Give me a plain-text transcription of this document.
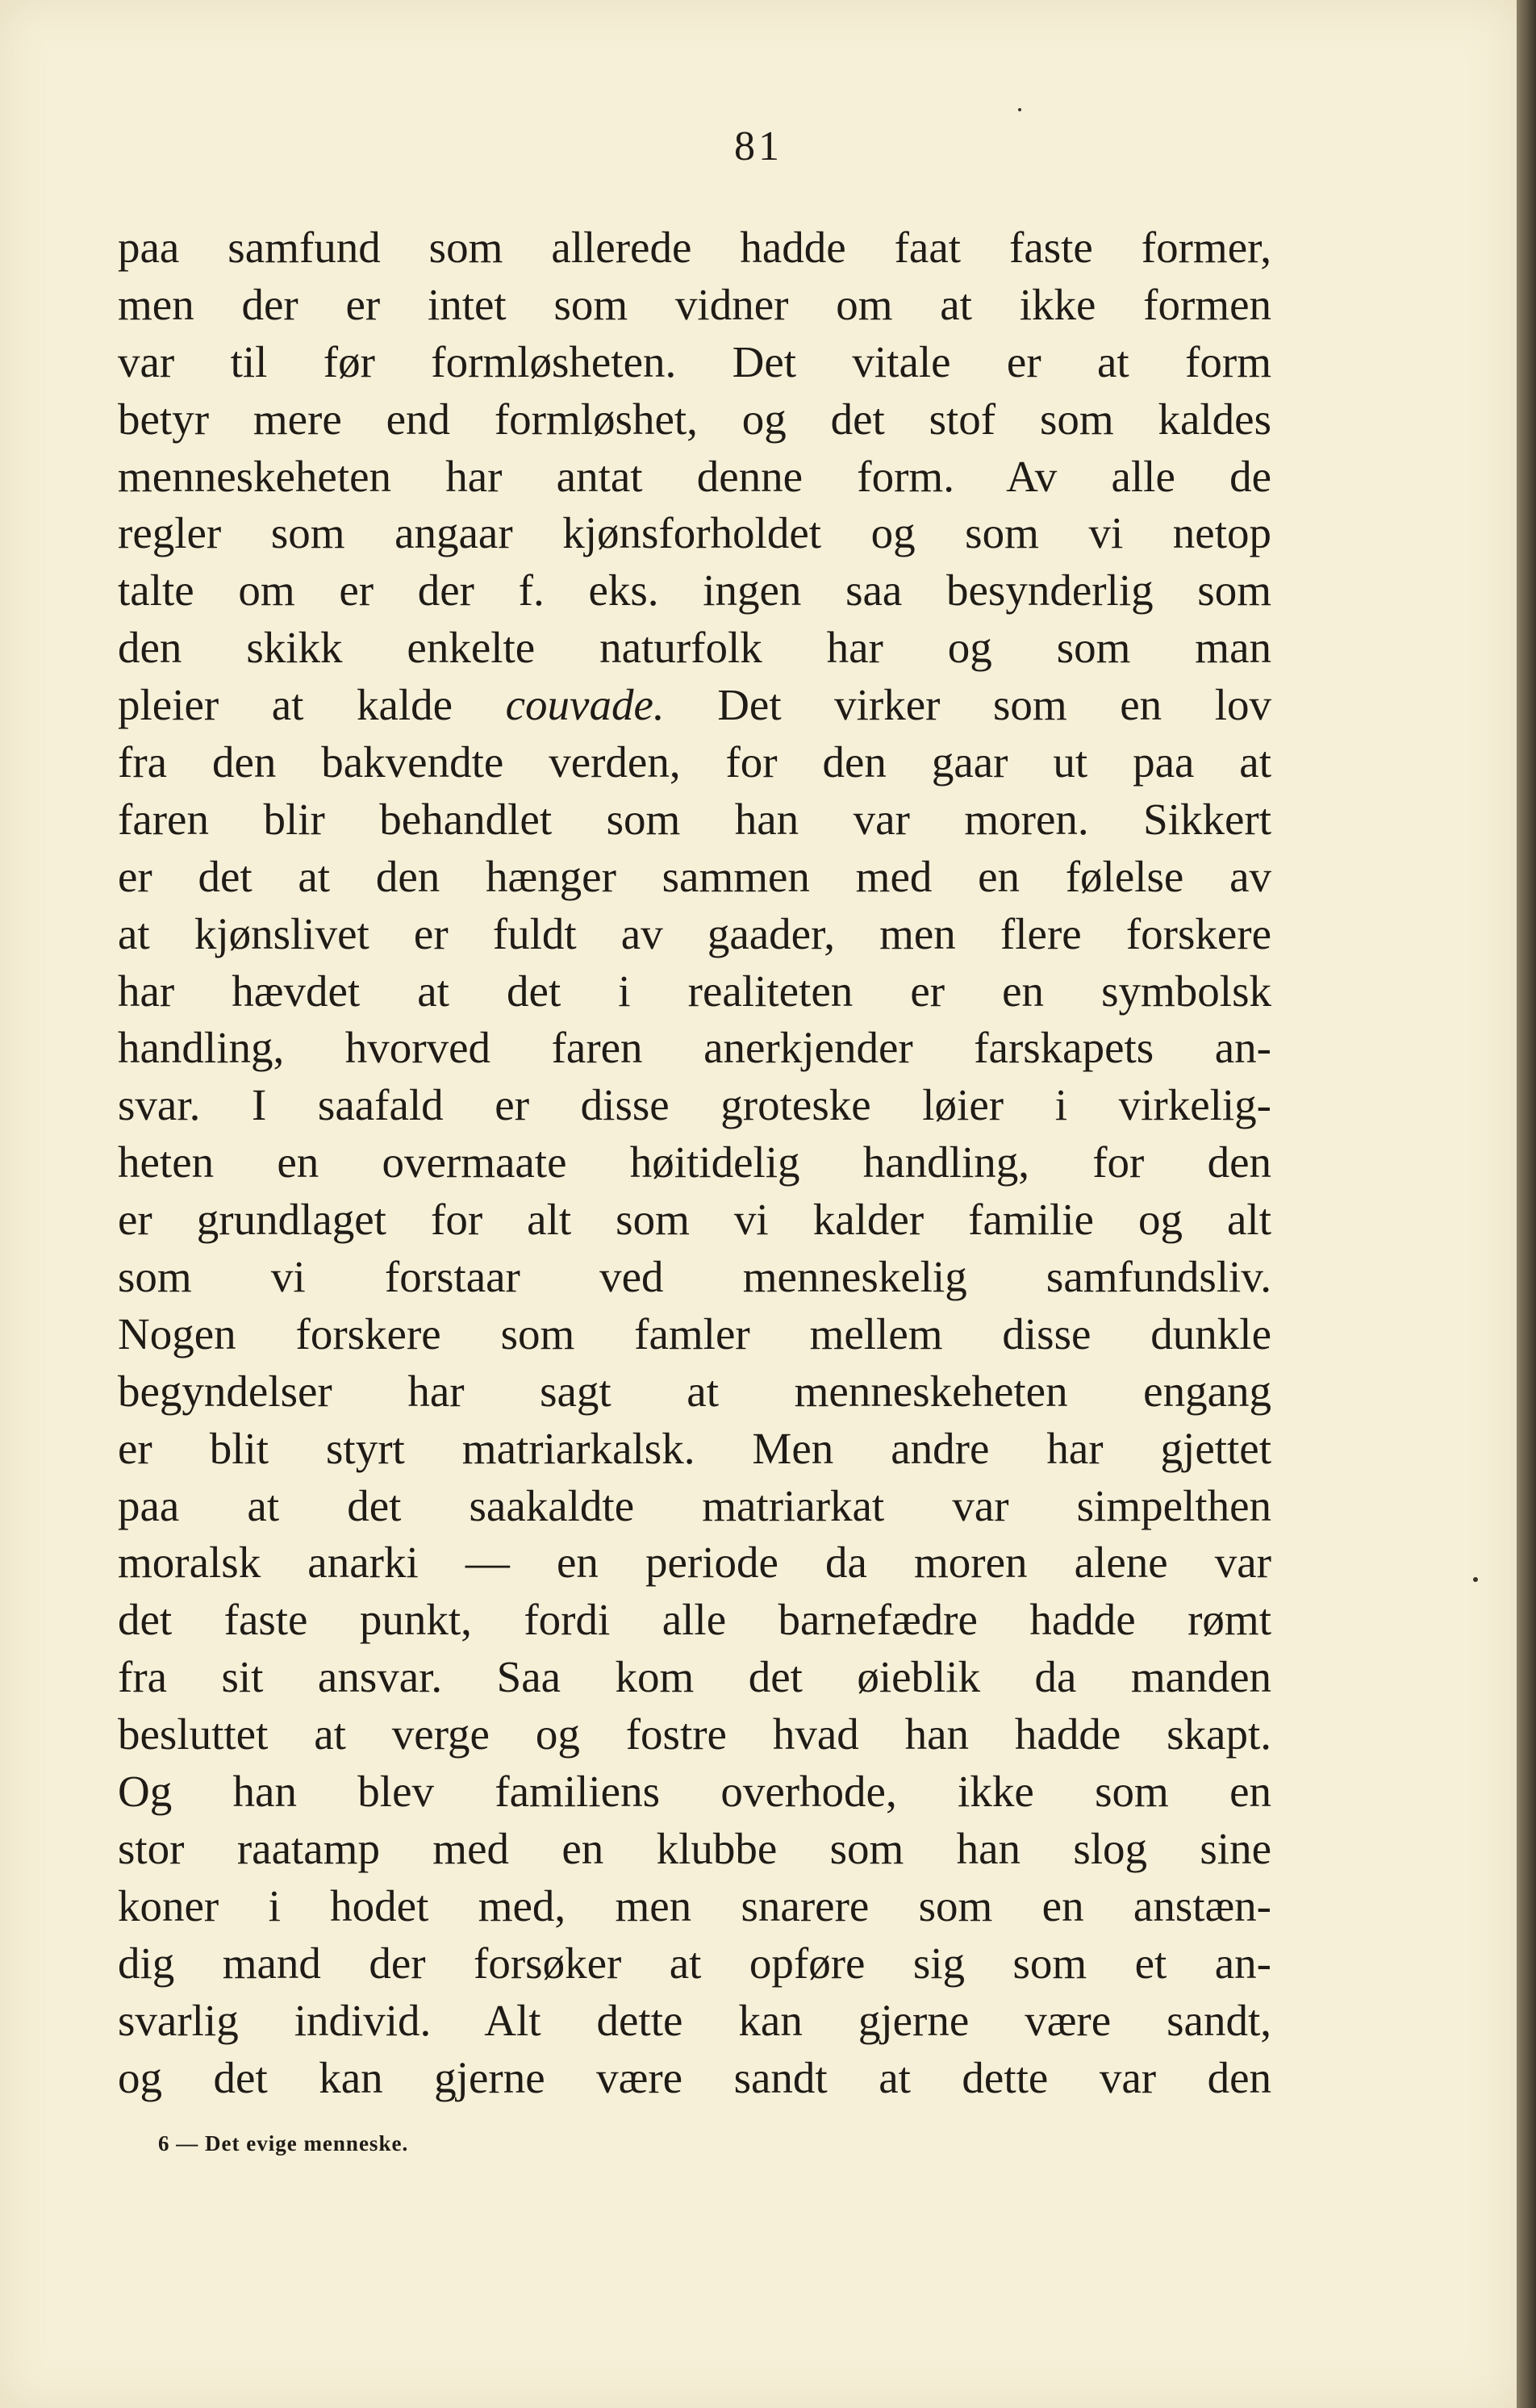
81
paa samfund som allerede hadde faat faste former,
men der er intet som vidner om at ikke formen
var til før formløsheten. Det vitale er at form
betyr mere end formløshet, og det stof som kaldes
menneskeheten har antat denne form. Av alle de
regler som angaar kjønsforholdet og som vi netop
talte om er der f. eks. ingen saa besynderlig som
den skikk enkelte naturfolk har og som man
pleier at kalde couvade. Det virker som en lov
fra den bakvendte verden, for den gaar ut paa at
faren blir behandlet som han var moren. Sikkert
er det at den hænger sammen med en følelse av
at kjønslivet er fuldt av gaader, men flere forskere
har hævdet at det i realiteten er en symbolsk
handling, hvorved faren anerkjender farskapets an-
svar. I saafald er disse groteske løier i virkelig-
heten en overmaate høitidelig handling, for den
er grundlaget for alt som vi kalder familie og alt
som vi forstaar ved menneskelig samfundsliv.
Nogen forskere som famler mellem disse dunkle
begyndelser har sagt at menneskeheten engang
er blit styrt matriarkalsk. Men andre har gjettet
paa at det saakaldte matriarkat var simpelthen
moralsk anarki — en periode da moren alene var
det faste punkt, fordi alle barnefædre hadde rømt
fra sit ansvar. Saa kom det øieblik da manden
besluttet at verge og fostre hvad han hadde skapt.
Og han blev familiens overhode, ikke som en
stor raatamp med en klubbe som han slog sine
koner i hodet med, men snarere som en anstæn-
dig mand der forsøker at opføre sig som et an-
svarlig individ. Alt dette kan gjerne være sandt,
og det kan gjerne være sandt at dette var den
6 — Det evige menneske.
